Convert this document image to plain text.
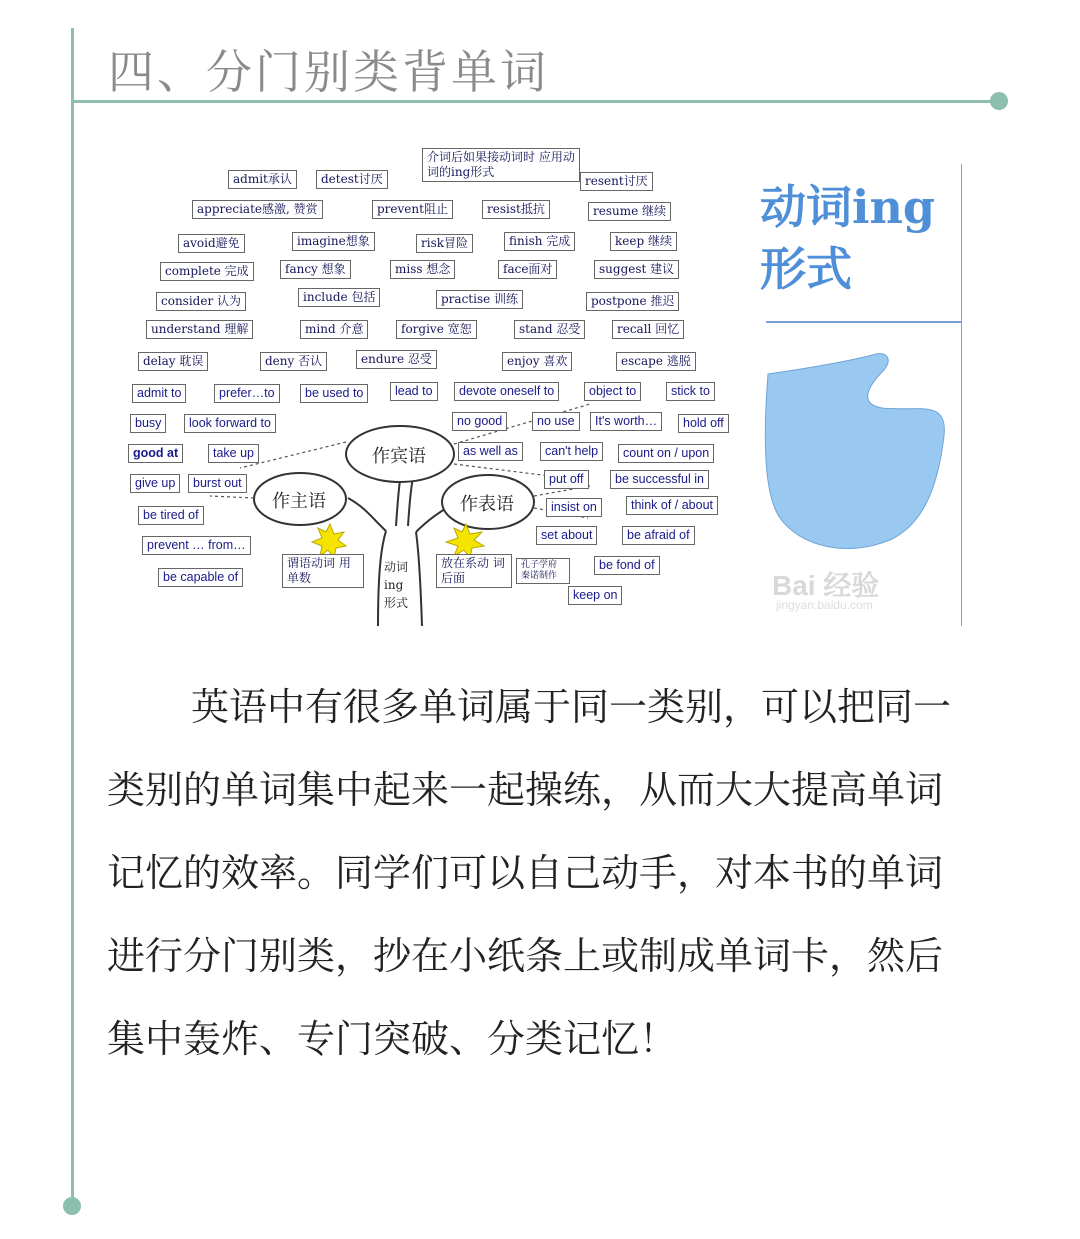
四、分门别类背单词
介词后如果接动词时 应用动词的ing形式
admit承认	detest讨厌	resent讨厌
appreciate感激, 赞赏	prevent阻止	resist抵抗	resume 继续
avoid避免	imagine想象	risk冒险	finish 完成	keep 继续
complete 完成	fancy 想象	miss 想念	face面对	suggest 建议
consider 认为	include 包括	practise 训练	postpone 推迟
understand 理解	mind 介意	forgive 宽恕	stand 忍受	recall 回忆
delay 耽误	deny 否认	endure 忍受	enjoy 喜欢	escape 逃脱
admit to	prefer…to	be used to	lead to	devote oneself to	object to	stick to
busy	look forward to	no good	no use	It's worth…	hold off
good at	take up	as well as	can't help	count on / upon
give up	burst out	put off	be successful in
be tired of
insist on	think of / about
prevent … from…
set about	be afraid of
be capable of
be fond of
keep on
作宾语
作主语	作表语
动词 ing 形式
谓语动词 用单数
放在系动 词后面
孔子学府 秦诺制作
动词ing
形式
Bai 经验
jingyan.baidu.com

英语中有很多单词属于同一类别，可以把同一类别的单词集中起来一起操练，从而大大提高单词记忆的效率。同学们可以自己动手，对本书的单词进行分门别类，抄在小纸条上或制成单词卡，然后集中轰炸、专门突破、分类记忆！
